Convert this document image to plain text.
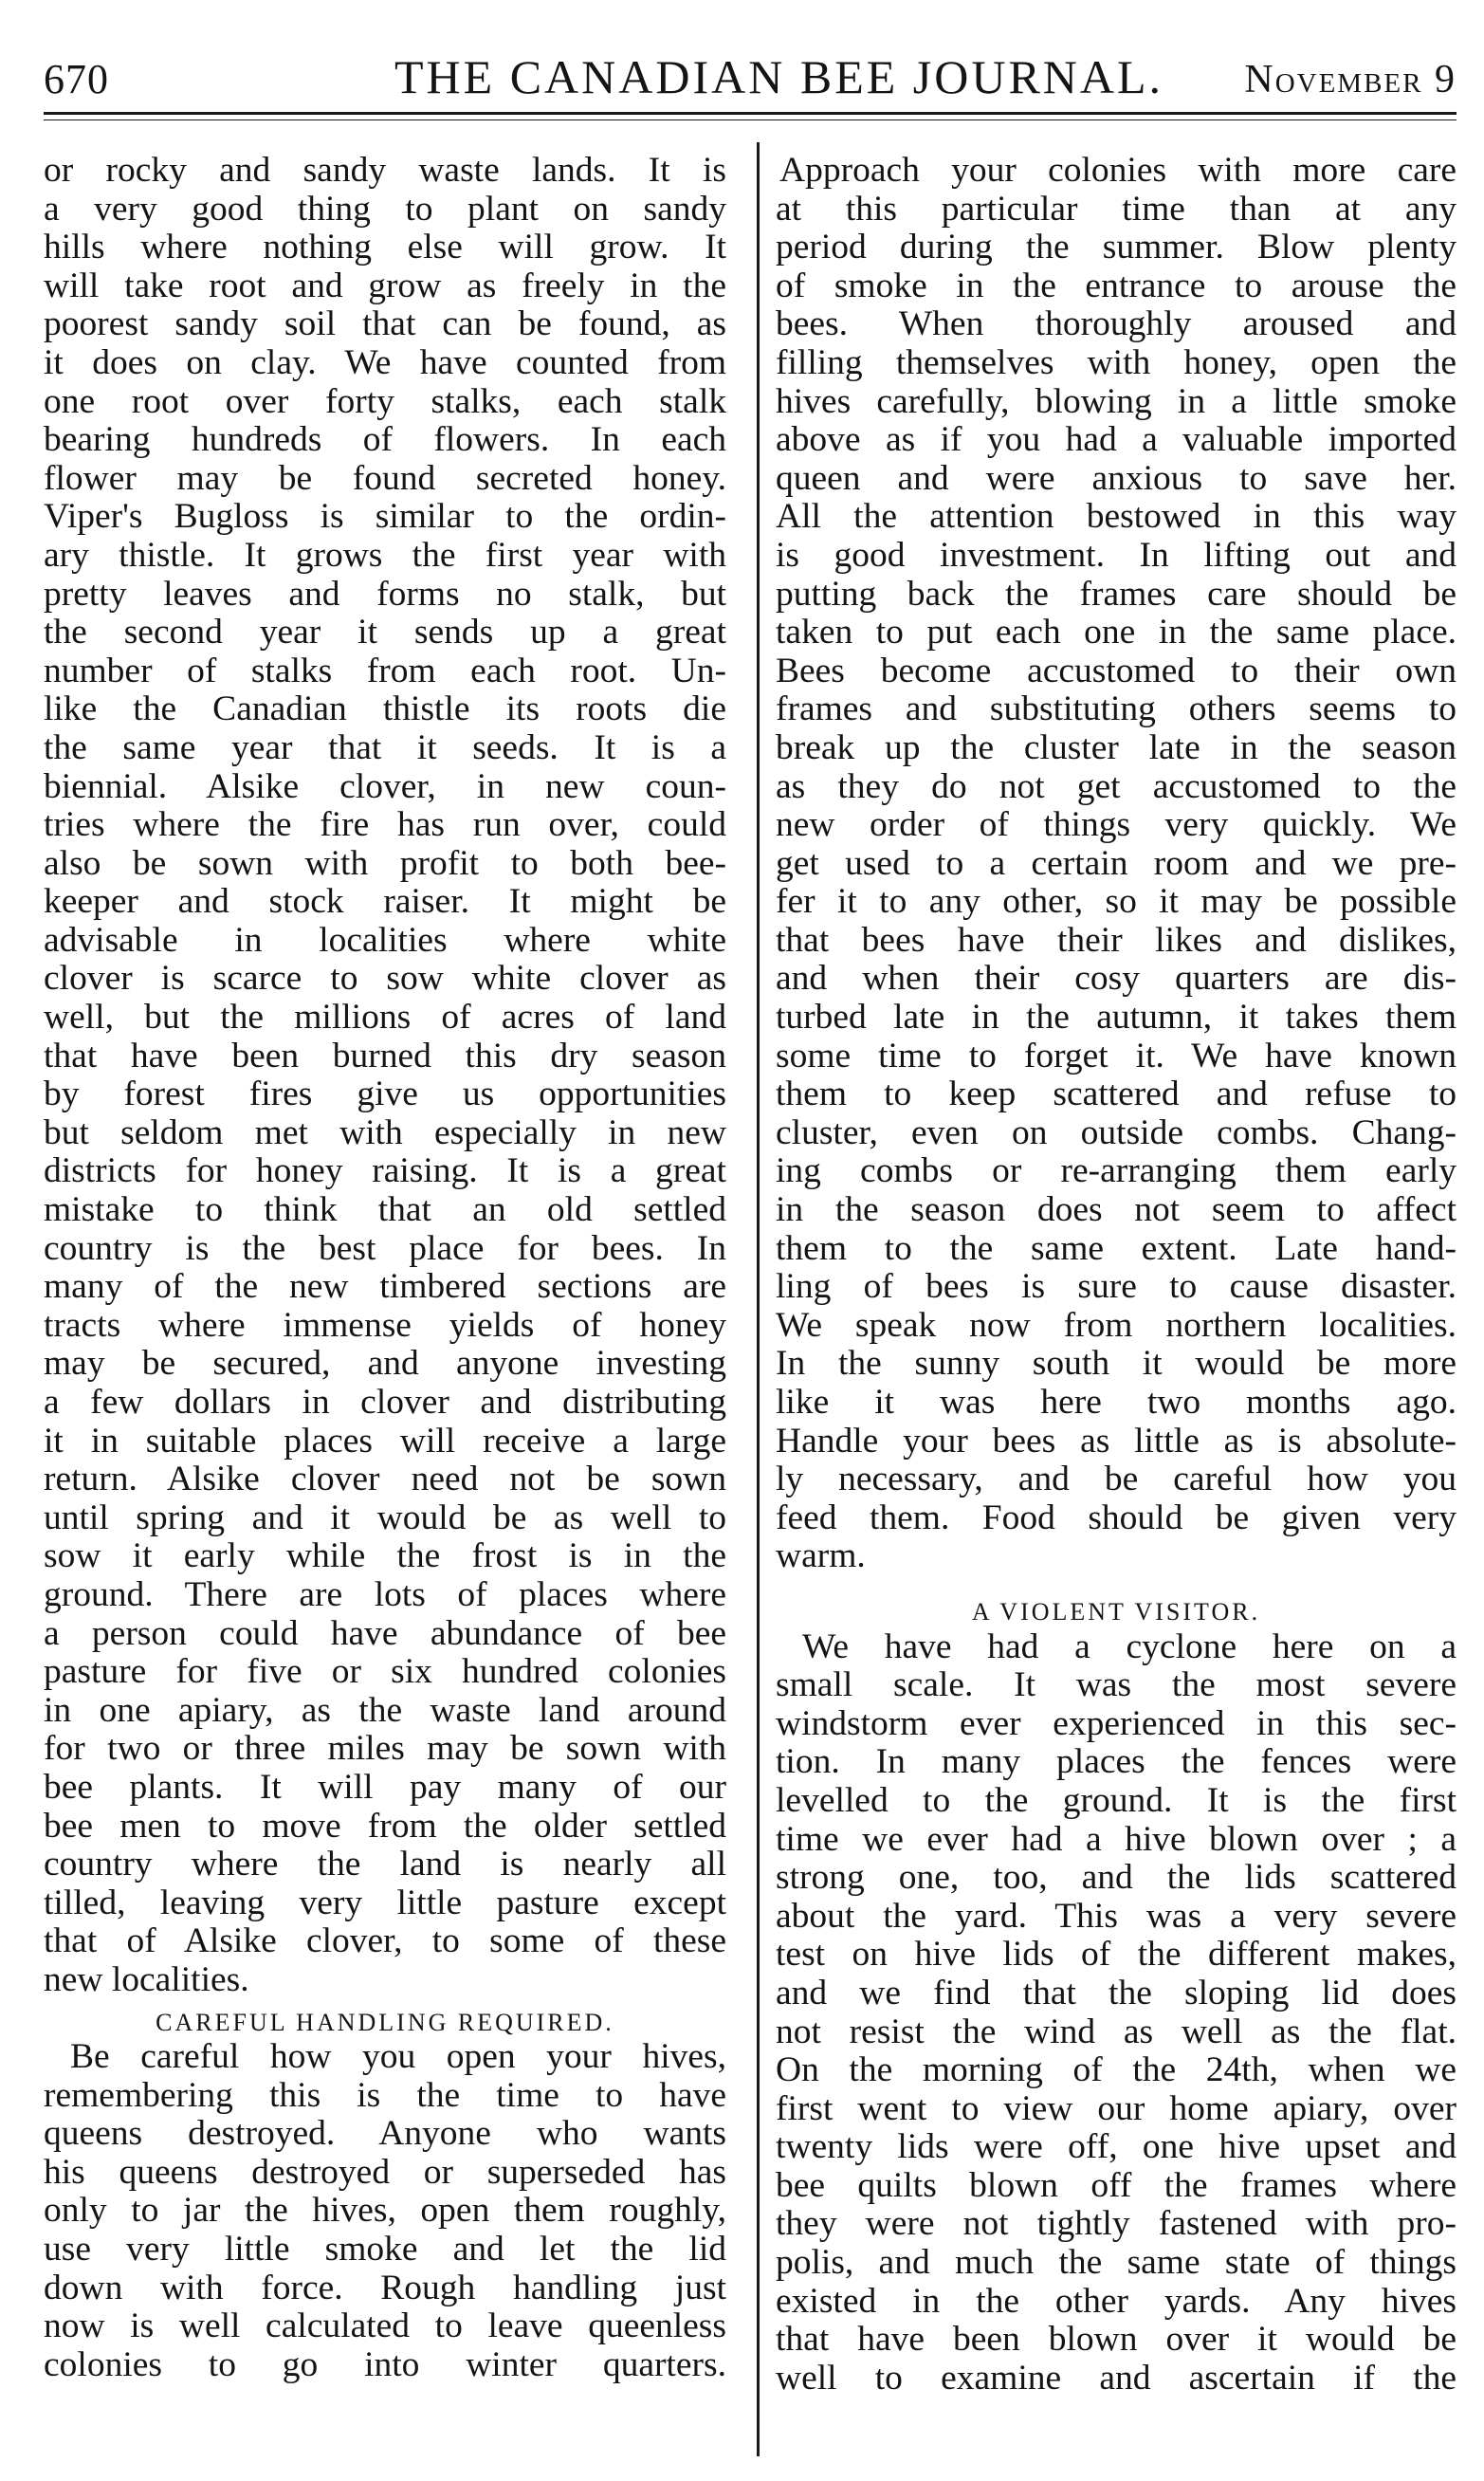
670	THE CANADIAN BEE JOURNAL. November 9
or rocky and sandy waste lands. It is
a very good thing to plant on sandy
hills where nothing else will grow. It
will take root and grow as freely in the
poorest sandy soil that can be found, as
it does on clay. We have counted from
one root over forty stalks, each stalk
bearing hundreds of flowers. In each
flower may be found secreted honey.
Viper's Bugloss is similar to the ordin-
ary thistle. It grows the first year with
pretty leaves and forms no stalk, but
the second year it sends up a great
number of stalks from each root. Un-
like the Canadian thistle its roots die
the same year that it seeds. It is a
biennial. Alsike clover, in new coun-
tries where the fire has run over, could
also be sown with profit to both bee-
keeper and stock raiser. It might be
advisable in localities where white
clover is scarce to sow white clover as
well, but the millions of acres of land
that have been burned this dry season
by forest fires give us opportunities
but seldom met with especially in new
districts for honey raising. It is a great
mistake to think that an old settled
country is the best place for bees. In
many of the new timbered sections are
tracts where immense yields of honey
may be secured, and anyone investing
a few dollars in clover and distributing
it in suitable places will receive a large
return. Alsike clover need not be sown
until spring and it would be as well to
sow it early while the frost is in the
ground. There are lots of places where
a person could have abundance of bee
pasture for five or six hundred colonies
in one apiary, as the waste land around
for two or three miles may be sown with
bee plants. It will pay many of our
bee men to move from the older settled
country where the land is nearly all
tilled, leaving very little pasture except
that of Alsike clover, to some of these
new localities.
CAREFUL HANDLING REQUIRED.
Be careful how you open your hives,
remembering this is the time to have
queens destroyed. Anyone who wants
his queens destroyed or superseded has
only to jar the hives, open them roughly,
use very little smoke and let the lid
down with force. Rough handling just
now is well calculated to leave queenless
colonies to go into winter quarters.
Approach your colonies with more care
at this particular time than at any
period during the summer. Blow plenty
of smoke in the entrance to arouse the
bees. When thoroughly aroused and
filling themselves with honey, open the
hives carefully, blowing in a little smoke
above as if you had a valuable imported
queen and were anxious to save her.
All the attention bestowed in this way
is good investment. In lifting out and
putting back the frames care should be
taken to put each one in the same place.
Bees become accustomed to their own
frames and substituting others seems to
break up the cluster late in the season
as they do not get accustomed to the
new order of things very quickly. We
get used to a certain room and we pre-
fer it to any other, so it may be possible
that bees have their likes and dislikes,
and when their cosy quarters are dis-
turbed late in the autumn, it takes them
some time to forget it. We have known
them to keep scattered and refuse to
cluster, even on outside combs. Chang-
ing combs or re-arranging them early
in the season does not seem to affect
them to the same extent. Late hand-
ling of bees is sure to cause disaster.
We speak now from northern localities.
In the sunny south it would be more
like it was here two months ago.
Handle your bees as little as is absolute-
ly necessary, and be careful how you
feed them. Food should be given very
warm.
A VIOLENT VISITOR.
We have had a cyclone here on a
small scale. It was the most severe
windstorm ever experienced in this sec-
tion. In many places the fences were
levelled to the ground. It is the first
time we ever had a hive blown over ; a
strong one, too, and the lids scattered
about the yard. This was a very severe
test on hive lids of the different makes,
and we find that the sloping lid does
not resist the wind as well as the flat.
On the morning of the 24th, when we
first went to view our home apiary, over
twenty lids were off, one hive upset and
bee quilts blown off the frames where
they were not tightly fastened with pro-
polis, and much the same state of things
existed in the other yards. Any hives
that have been blown over it would be
well to examine and ascertain if the
